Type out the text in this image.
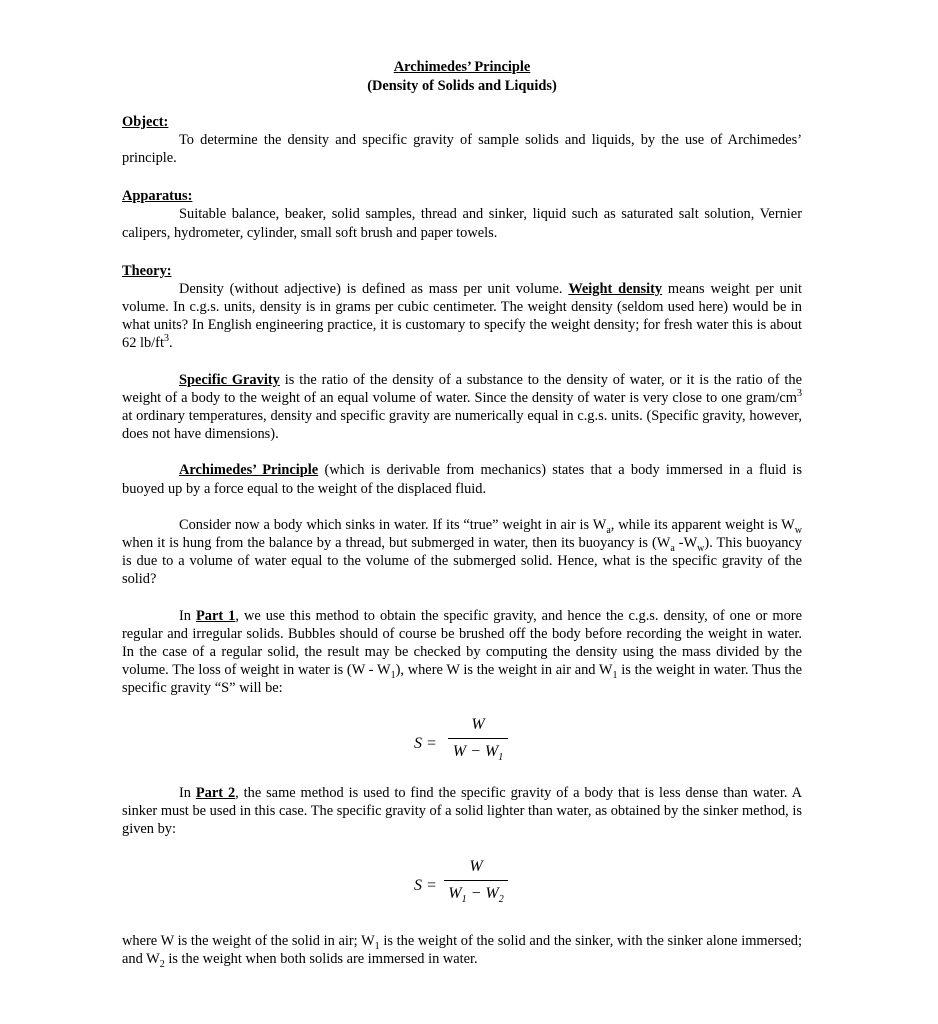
Archimedes’ Principle
(Density of Solids and Liquids)
Object:

To determine the density and specific gravity of sample solids and liquids, by the use of Archimedes’ principle.

Apparatus:

Suitable balance, beaker, solid samples, thread and sinker, liquid such as saturated salt solution, Vernier calipers, hydrometer, cylinder, small soft brush and paper towels.

Theory:

Density (without adjective) is defined as mass per unit volume. Weight density means weight per unit volume. In c.g.s. units, density is in grams per cubic centimeter. The weight density (seldom used here) would be in what units? In English engineering practice, it is customary to specify the weight density; for fresh water this is about 62 $lb/ft^3$.

Specific Gravity is the ratio of the density of a substance to the density of water, or it is the ratio of the weight of a body to the weight of an equal volume of water. Since the density of water is very close to one gram/$cm^3$ at ordinary temperatures, density and specific gravity are numerically equal in c.g.s. units. (Specific gravity, however, does not have dimensions).

Archimedes’ Principle (which is derivable from mechanics) states that a body immersed in a fluid is buoyed up by a force equal to the weight of the displaced fluid.

Consider now a body which sinks in water. If its “true” weight in air is $W_a$, while its apparent weight is $W_w$ when it is hung from the balance by a thread, but submerged in water, then its buoyancy is ($W_a$ $-W_w$). This buoyancy is due to a volume of water equal to the volume of the submerged solid. Hence, what is the specific gravity of the solid?

In Part 1, we use this method to obtain the specific gravity, and hence the c.g.s. density, of one or more regular and irregular solids. Bubbles should of course be brushed off the body before recording the weight in water. In the case of a regular solid, the result may be checked by computing the density using the mass divided by the volume. The loss of weight in water is $(W - W_1)$, where W is the weight in air and $W_1$ is the weight in water. Thus the specific gravity “S” will be:

S =
W
$W - W_1$

In Part 2, the same method is used to find the specific gravity of a body that is less dense than water. A sinker must be used in this case. The specific gravity of a solid lighter than water, as obtained by the sinker method, is given by:

S =
W
$W_1 - W_2$

where W is the weight of the solid in air; $W_1$ is the weight of the solid and the sinker, with the sinker alone immersed; and $W_2$ is the weight when both solids are immersed in water.
